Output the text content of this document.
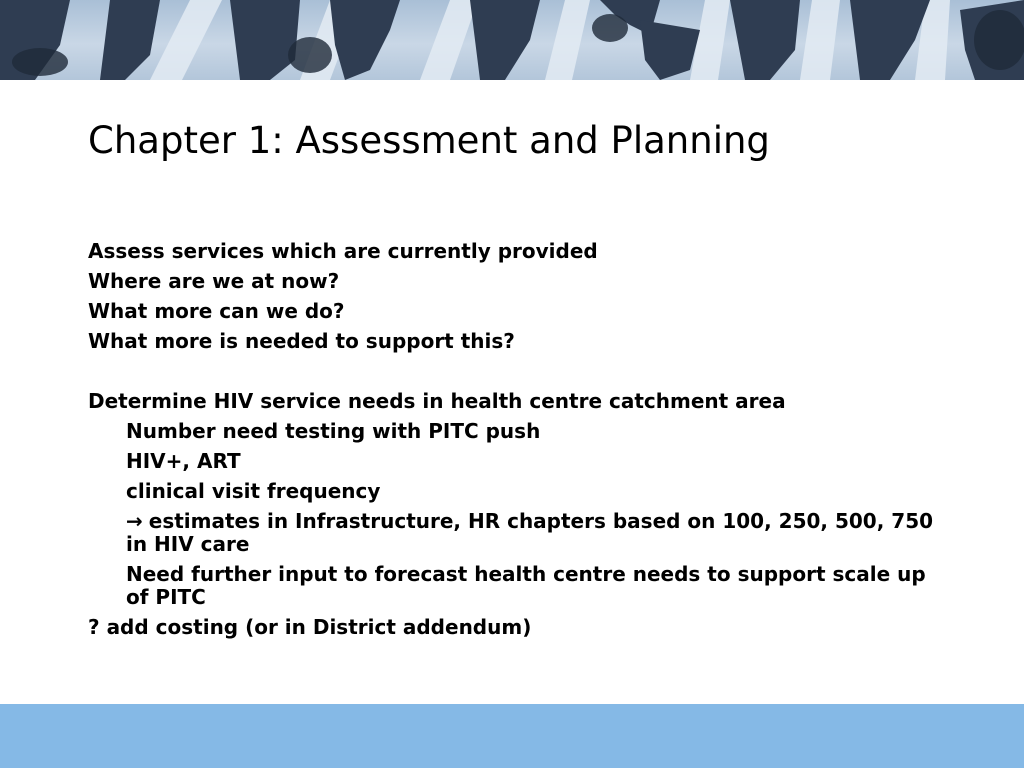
Chapter 1: Assessment and Planning

Assess services which are currently provided

Where are we at now?

What more can we do?

What more is needed to support this?

Determine HIV service needs in health centre catchment area

Number need testing with PITC push

HIV+, ART

clinical visit frequency

→ estimates in Infrastructure, HR chapters based on 100, 250, 500, 750 in HIV care

Need further input to forecast health centre needs to support scale up of PITC

? add costing (or in District addendum)
